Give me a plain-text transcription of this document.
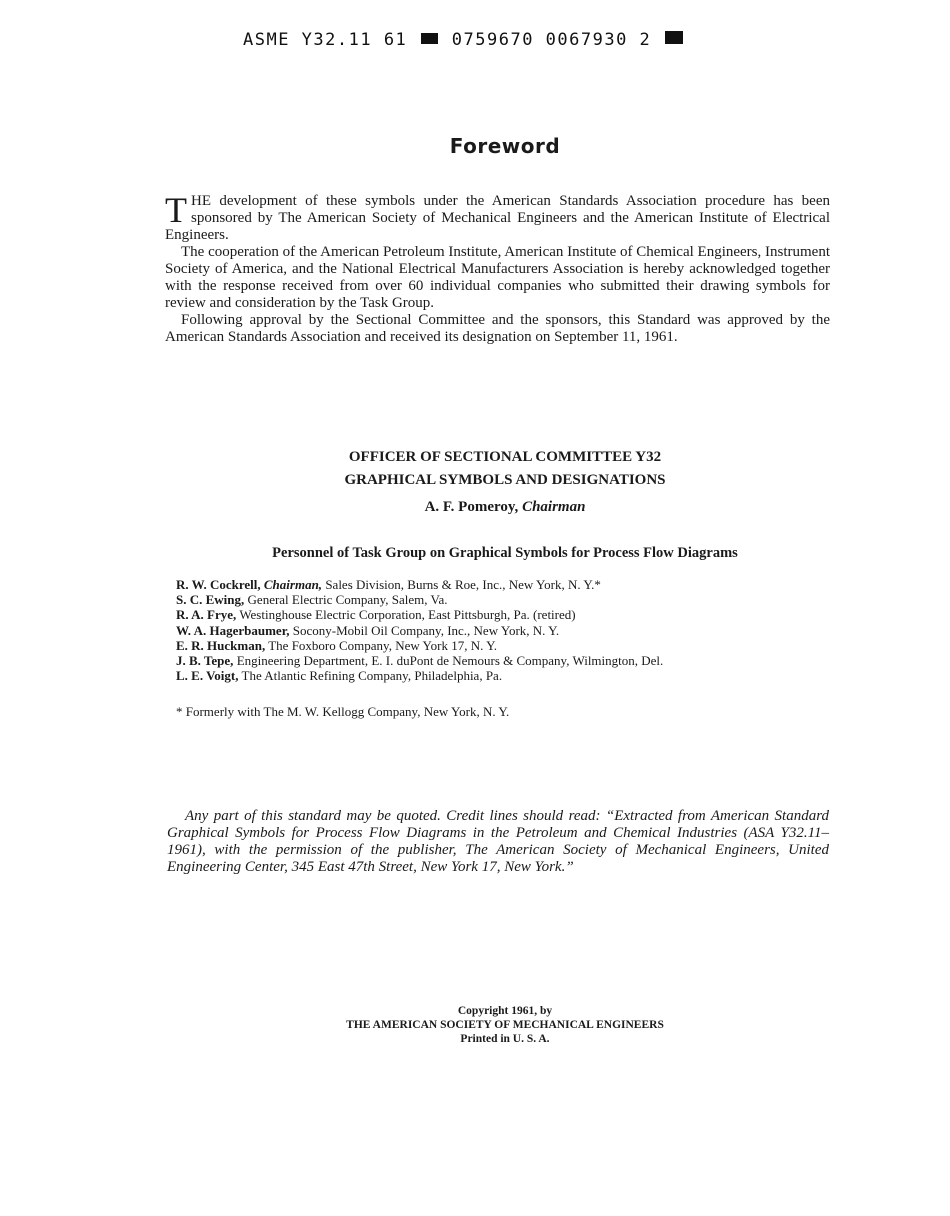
ASME Y32.11 61	0759670 0067930 2
Foreword

THE development of these symbols under the American Standards Association procedure has been sponsored by The American Society of Mechanical Engineers and the American Institute of Electrical Engineers.

The cooperation of the American Petroleum Institute, American Institute of Chemical Engineers, Instrument Society of America, and the National Electrical Manufacturers Association is hereby acknowledged together with the response received from over 60 individual companies who submitted their drawing symbols for review and consideration by the Task Group.

Following approval by the Sectional Committee and the sponsors, this Standard was approved by the American Standards Association and received its designation on September 11, 1961.

OFFICER OF SECTIONAL COMMITTEE Y32
GRAPHICAL SYMBOLS AND DESIGNATIONS
A. F. Pomeroy, Chairman
Personnel of Task Group on Graphical Symbols for Process Flow Diagrams
R. W. Cockrell, Chairman, Sales Division, Burns & Roe, Inc., New York, N. Y.*
S. C. Ewing, General Electric Company, Salem, Va.
R. A. Frye, Westinghouse Electric Corporation, East Pittsburgh, Pa. (retired)
W. A. Hagerbaumer, Socony-Mobil Oil Company, Inc., New York, N. Y.
E. R. Huckman, The Foxboro Company, New York 17, N. Y.
J. B. Tepe, Engineering Department, E. I. duPont de Nemours & Company, Wilmington, Del.
L. E. Voigt, The Atlantic Refining Company, Philadelphia, Pa.
* Formerly with The M. W. Kellogg Company, New York, N. Y.
Any part of this standard may be quoted. Credit lines should read: “Extracted from American Standard Graphical Symbols for Process Flow Diagrams in the Petroleum and Chemical Industries (ASA Y32.11–1961), with the permission of the publisher, The American Society of Mechanical Engineers, United Engineering Center, 345 East 47th Street, New York 17, New York.”
Copyright 1961, by
THE AMERICAN SOCIETY OF MECHANICAL ENGINEERS
Printed in U. S. A.
